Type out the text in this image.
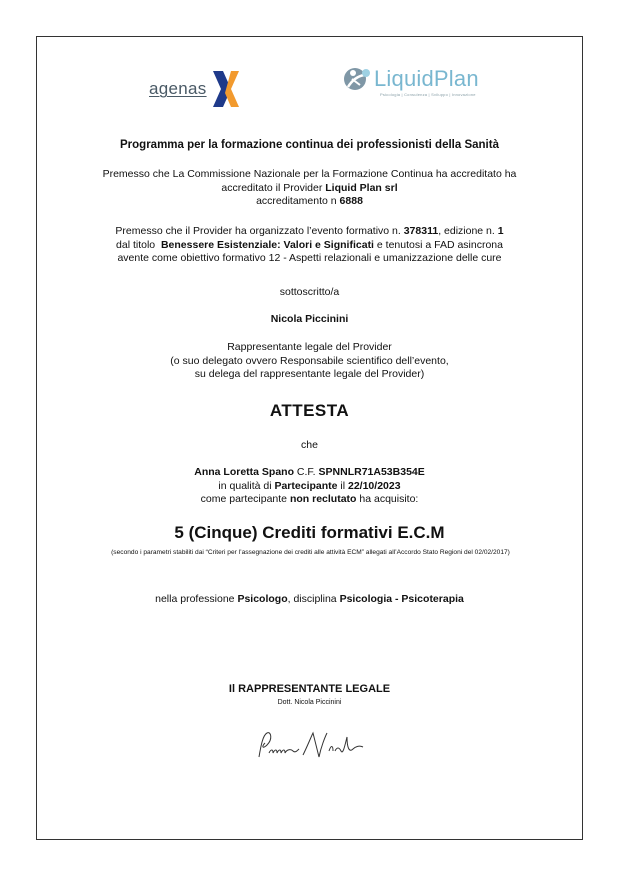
agenas	LiquidPlan
Psicologia | Consulenza | Sviluppo | Innovazione
Programma per la formazione continua dei professionisti della Sanità
Premesso che La Commissione Nazionale per la Formazione Continua ha accreditato ha
accreditato il Provider Liquid Plan srl
accreditamento n 6888
Premesso che il Provider ha organizzato l’evento formativo n. 378311, edizione n. 1
dal titolo  Benessere Esistenziale: Valori e Significati e tenutosi a FAD asincrona
avente come obiettivo formativo 12 - Aspetti relazionali e umanizzazione delle cure
sottoscritto/a
Nicola Piccinini
Rappresentante legale del Provider
(o suo delegato ovvero Responsabile scientifico dell’evento,
su delega del rappresentante legale del Provider)
ATTESTA
che
Anna Loretta Spano C.F. SPNNLR71A53B354E
in qualità di Partecipante il 22/10/2023
come partecipante non reclutato ha acquisito:
5 (Cinque) Crediti formativi E.C.M
(secondo i parametri stabiliti dai “Criteri per l’assegnazione dei crediti alle attività ECM” allegati all’Accordo Stato Regioni del 02/02/2017)
nella professione Psicologo, disciplina Psicologia - Psicoterapia
Il RAPPRESENTANTE LEGALE
Dott. Nicola Piccinini
